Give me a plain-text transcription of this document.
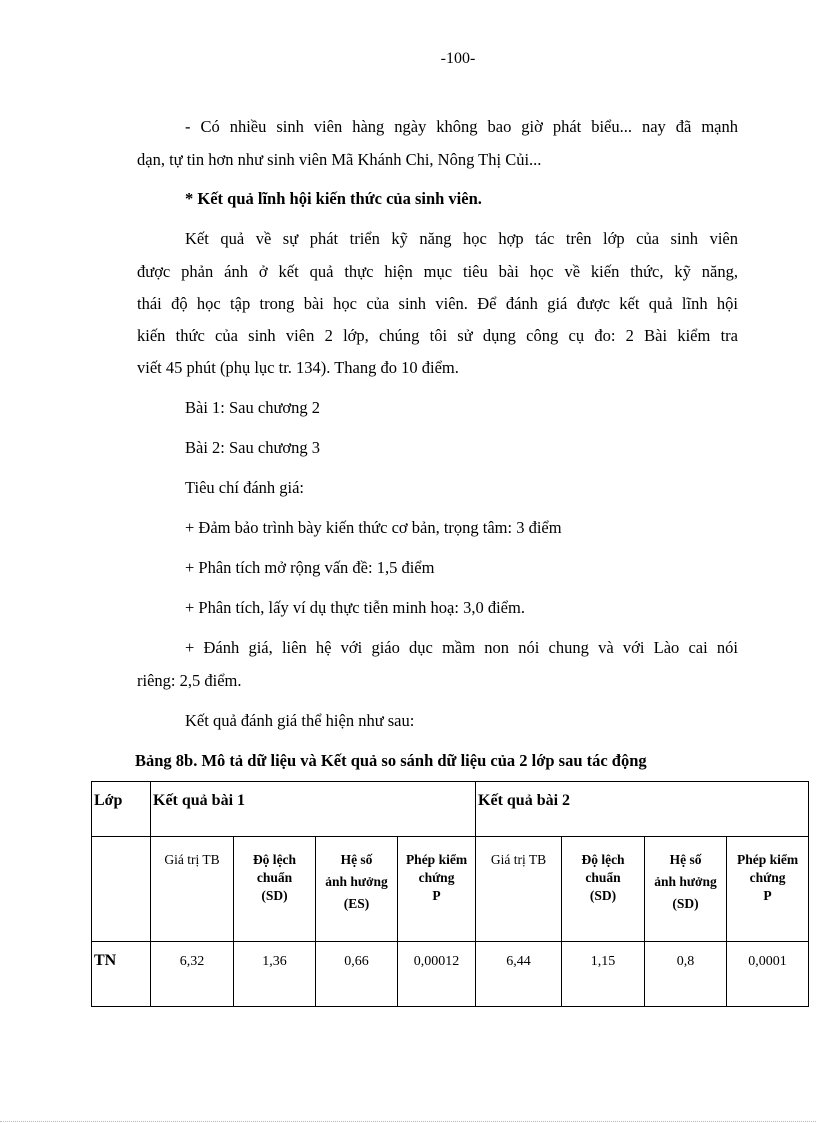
-100-
- Có nhiều sinh viên hàng ngày không bao giờ phát biểu... nay đã mạnh
dạn, tự tin hơn như sinh viên Mã Khánh Chi, Nông Thị Củi...
* Kết quả lĩnh hội kiến thức của sinh viên.
Kết quả về sự phát triển kỹ năng học hợp tác trên lớp của sinh viên
được phản ánh ở kết quả thực hiện mục tiêu bài học về kiến thức, kỹ năng,
thái độ học tập trong bài học của sinh viên. Để đánh giá được kết quả lĩnh hội
kiến thức của sinh viên 2 lớp, chúng tôi sử dụng công cụ đo: 2 Bài kiểm tra
viết 45 phút (phụ lục tr. 134). Thang đo 10 điểm.
Bài 1: Sau chương 2
Bài 2: Sau chương 3
Tiêu chí đánh giá:
+ Đảm bảo trình bày kiến thức cơ bản, trọng tâm: 3 điểm
+ Phân tích mở rộng vấn đề: 1,5 điểm
+ Phân tích, lấy ví dụ thực tiễn minh hoạ: 3,0 điểm.
+ Đánh giá, liên hệ với giáo dục mầm non nói chung và với Lào cai nói
riêng: 2,5 điểm.
Kết quả đánh giá thể hiện như sau:
Bảng 8b. Mô tả dữ liệu và Kết quả so sánh dữ liệu của 2 lớp sau tác động
Lớp	Kết quả bài 1				Kết quả bài 2			

	Giá trị TB	Độ lệch
chuẩn
(SD)	Hệ số
ảnh hưởng
(ES)	Phép kiểm
chứng
P	Giá trị TB	Độ lệch
chuẩn
(SD)	Hệ số
ảnh hưởng
(SD)	Phép kiểm
chứng
P

TN	6,32	1,36	0,66	0,00012	6,44	1,15	0,8	0,0001
